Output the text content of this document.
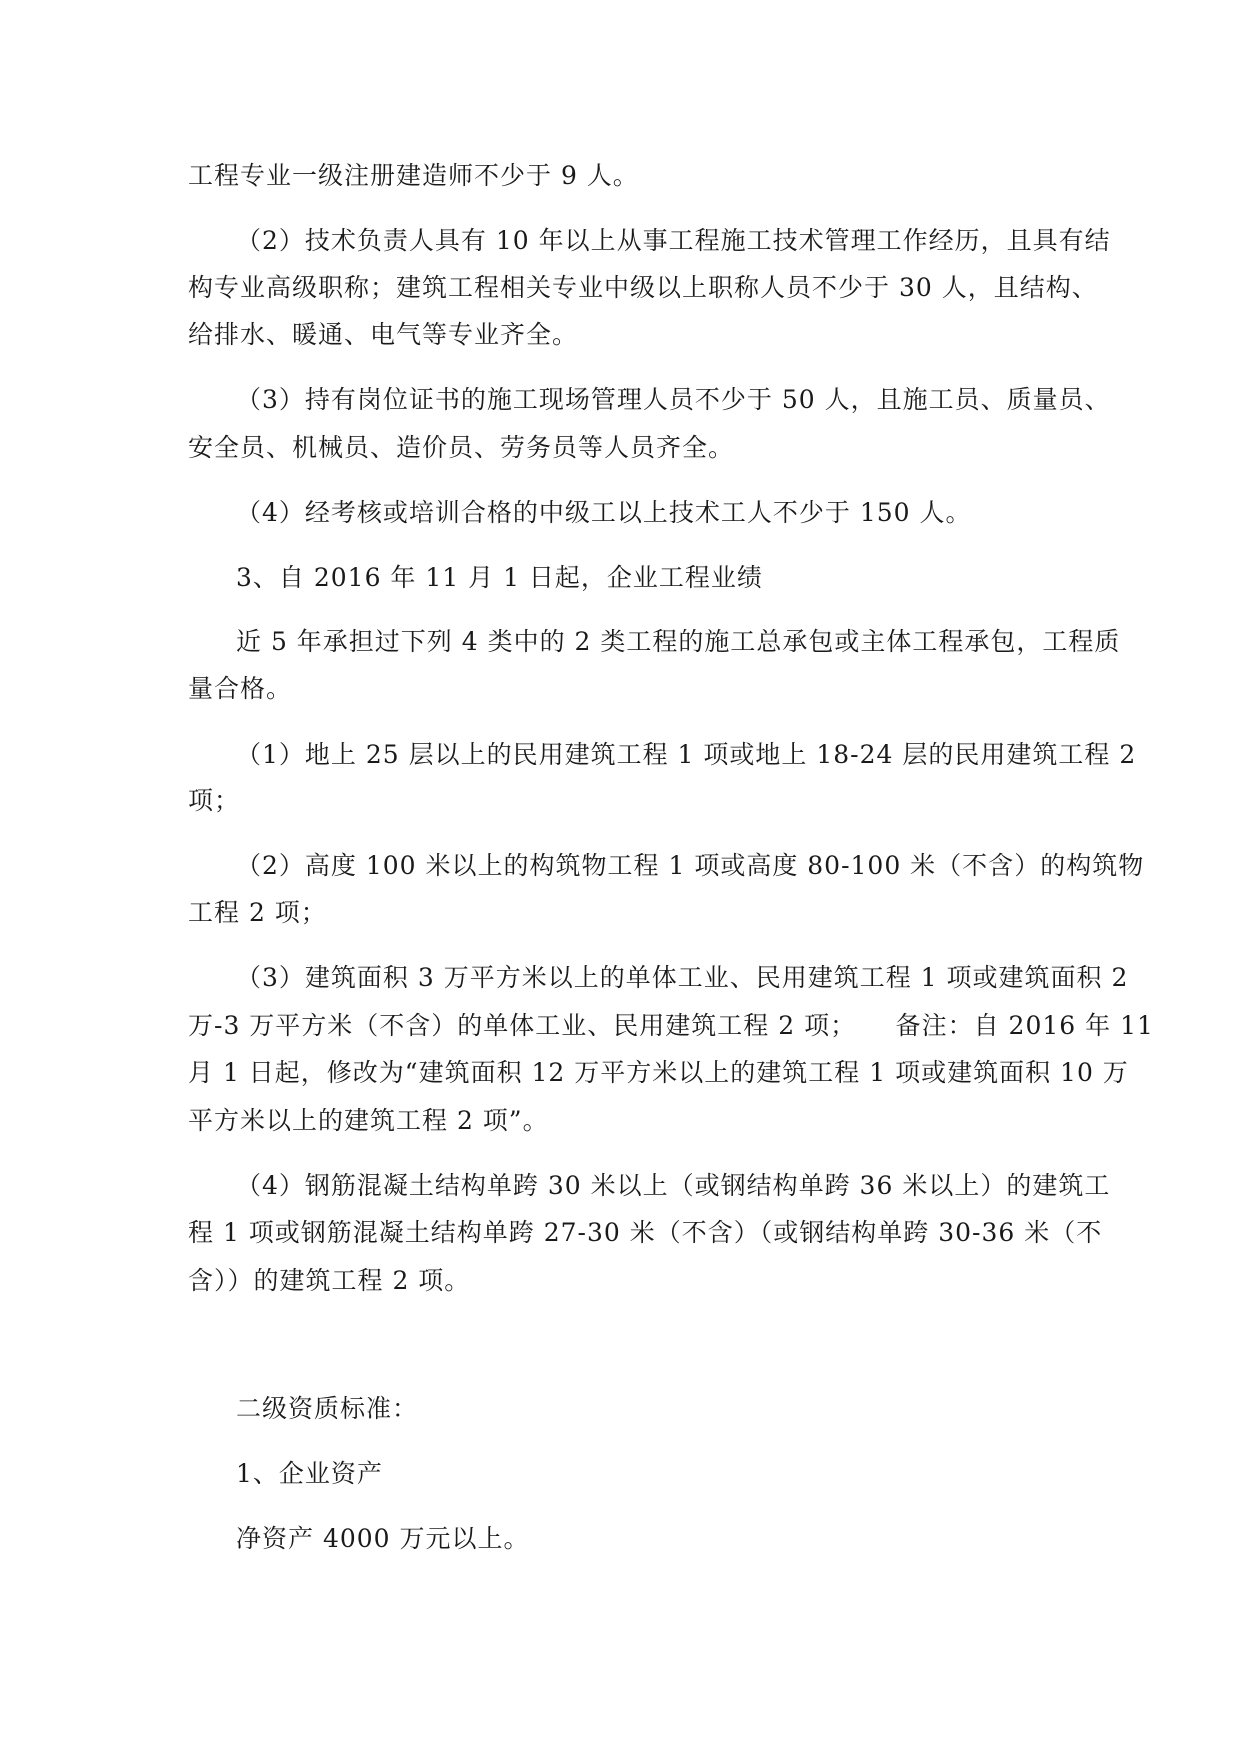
工程专业一级注册建造师不少于 9 人。
（2）技术负责人具有 10 年以上从事工程施工技术管理工作经历，且具有结
构专业高级职称；建筑工程相关专业中级以上职称人员不少于 30 人，且结构、
给排水、暖通、电气等专业齐全。
（3）持有岗位证书的施工现场管理人员不少于 50 人，且施工员、质量员、
安全员、机械员、造价员、劳务员等人员齐全。
（4）经考核或培训合格的中级工以上技术工人不少于 150 人。
3、自 2016 年 11 月 1 日起，企业工程业绩
近 5 年承担过下列 4 类中的 2 类工程的施工总承包或主体工程承包，工程质
量合格。
（1）地上 25 层以上的民用建筑工程 1 项或地上 18-24 层的民用建筑工程 2
项；
（2）高度 100 米以上的构筑物工程 1 项或高度 80-100 米（不含）的构筑物
工程 2 项；
（3）建筑面积 3 万平方米以上的单体工业、民用建筑工程 1 项或建筑面积 2
万-3 万平方米（不含）的单体工业、民用建筑工程 2 项；　　备注：自 2016 年 11
月 1 日起，修改为“建筑面积 12 万平方米以上的建筑工程 1 项或建筑面积 10 万
平方米以上的建筑工程 2 项”。
（4）钢筋混凝土结构单跨 30 米以上（或钢结构单跨 36 米以上）的建筑工
程 1 项或钢筋混凝土结构单跨 27-30 米（不含）（或钢结构单跨 30-36 米（不
含））的建筑工程 2 项。
二级资质标准：
1、企业资产
净资产 4000 万元以上。
